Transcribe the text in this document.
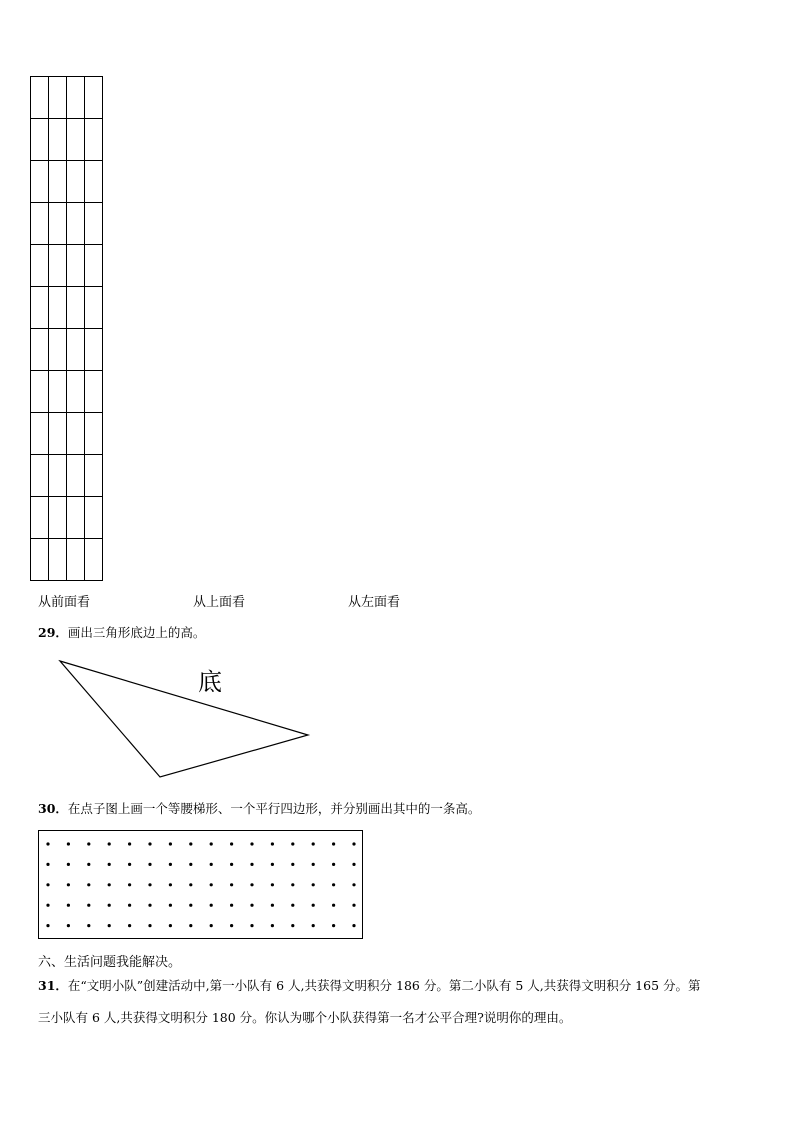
从前面看	从上面看	从左面看
29．画出三角形底边上的高。
底
30．在点子图上画一个等腰梯形、一个平行四边形，并分别画出其中的一条高。
六、生活问题我能解决。
31．在“文明小队”创建活动中,第一小队有 6 人,共获得文明积分 186 分。第二小队有 5 人,共获得文明积分 165 分。第
三小队有 6 人,共获得文明积分 180 分。你认为哪个小队获得第一名才公平合理?说明你的理由。
